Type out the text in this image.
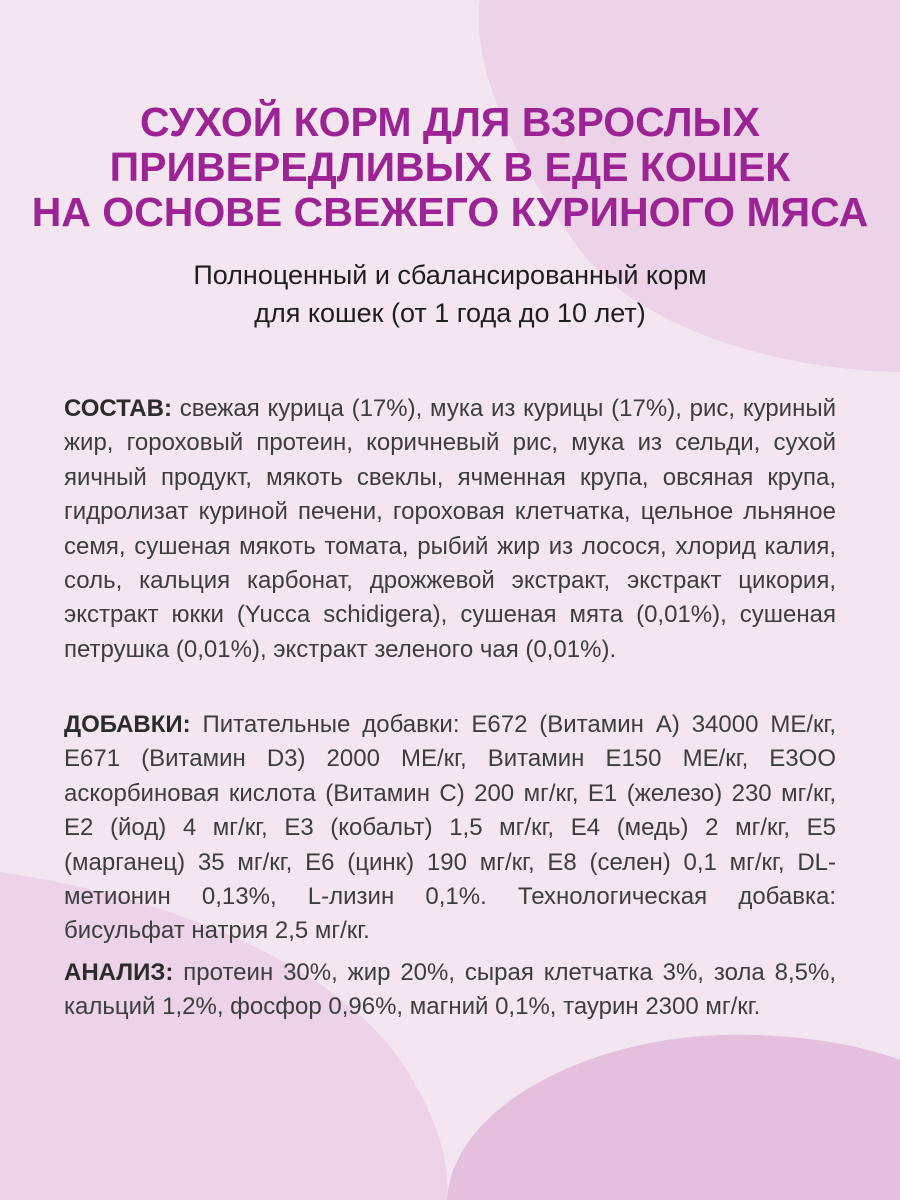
СУХОЙ КОРМ ДЛЯ ВЗРОСЛЫХ
ПРИВЕРЕДЛИВЫХ В ЕДЕ КОШЕК
НА ОСНОВЕ СВЕЖЕГО КУРИНОГО МЯСА

Полноценный и сбалансированный корм
для кошек (от 1 года до 10 лет)

СОСТАВ: свежая курица (17%), мука из курицы (17%), рис, куриный жир, гороховый протеин, коричневый рис, мука из сельди, сухой яичный продукт, мякоть свеклы, ячменная крупа, овсяная крупа, гидролизат куриной печени, гороховая клетчатка, цельное льняное семя, сушеная мякоть томата, рыбий жир из лосося, хлорид калия, соль, кальция карбонат, дрожжевой экстракт, экстракт цикория, экстракт юкки (Yucca schidigera), сушеная мята (0,01%), сушеная петрушка (0,01%), экстракт зеленого чая (0,01%).

ДОБАВКИ: Питательные добавки: Е672 (Витамин А) 34000 МЕ/кг, Е671 (Витамин D3) 2000 МЕ/кг, Витамин Е150 МЕ/кг, Е3ОО аскорбиновая кислота (Витамин С) 200 мг/кг, Е1 (железо) 230 мг/кг, Е2 (йод) 4 мг/кг, Е3 (кобальт) 1,5 мг/кг, Е4 (медь) 2 мг/кг, Е5 (марганец) 35 мг/кг, Е6 (цинк) 190 мг/кг, Е8 (селен) 0,1 мг/кг, DL-метионин 0,13%, L-лизин 0,1%. Технологическая добавка: бисульфат натрия 2,5 мг/кг.

АНАЛИЗ: протеин 30%, жир 20%, сырая клетчатка 3%, зола 8,5%, кальций 1,2%, фосфор 0,96%, магний 0,1%, таурин 2300 мг/кг.
